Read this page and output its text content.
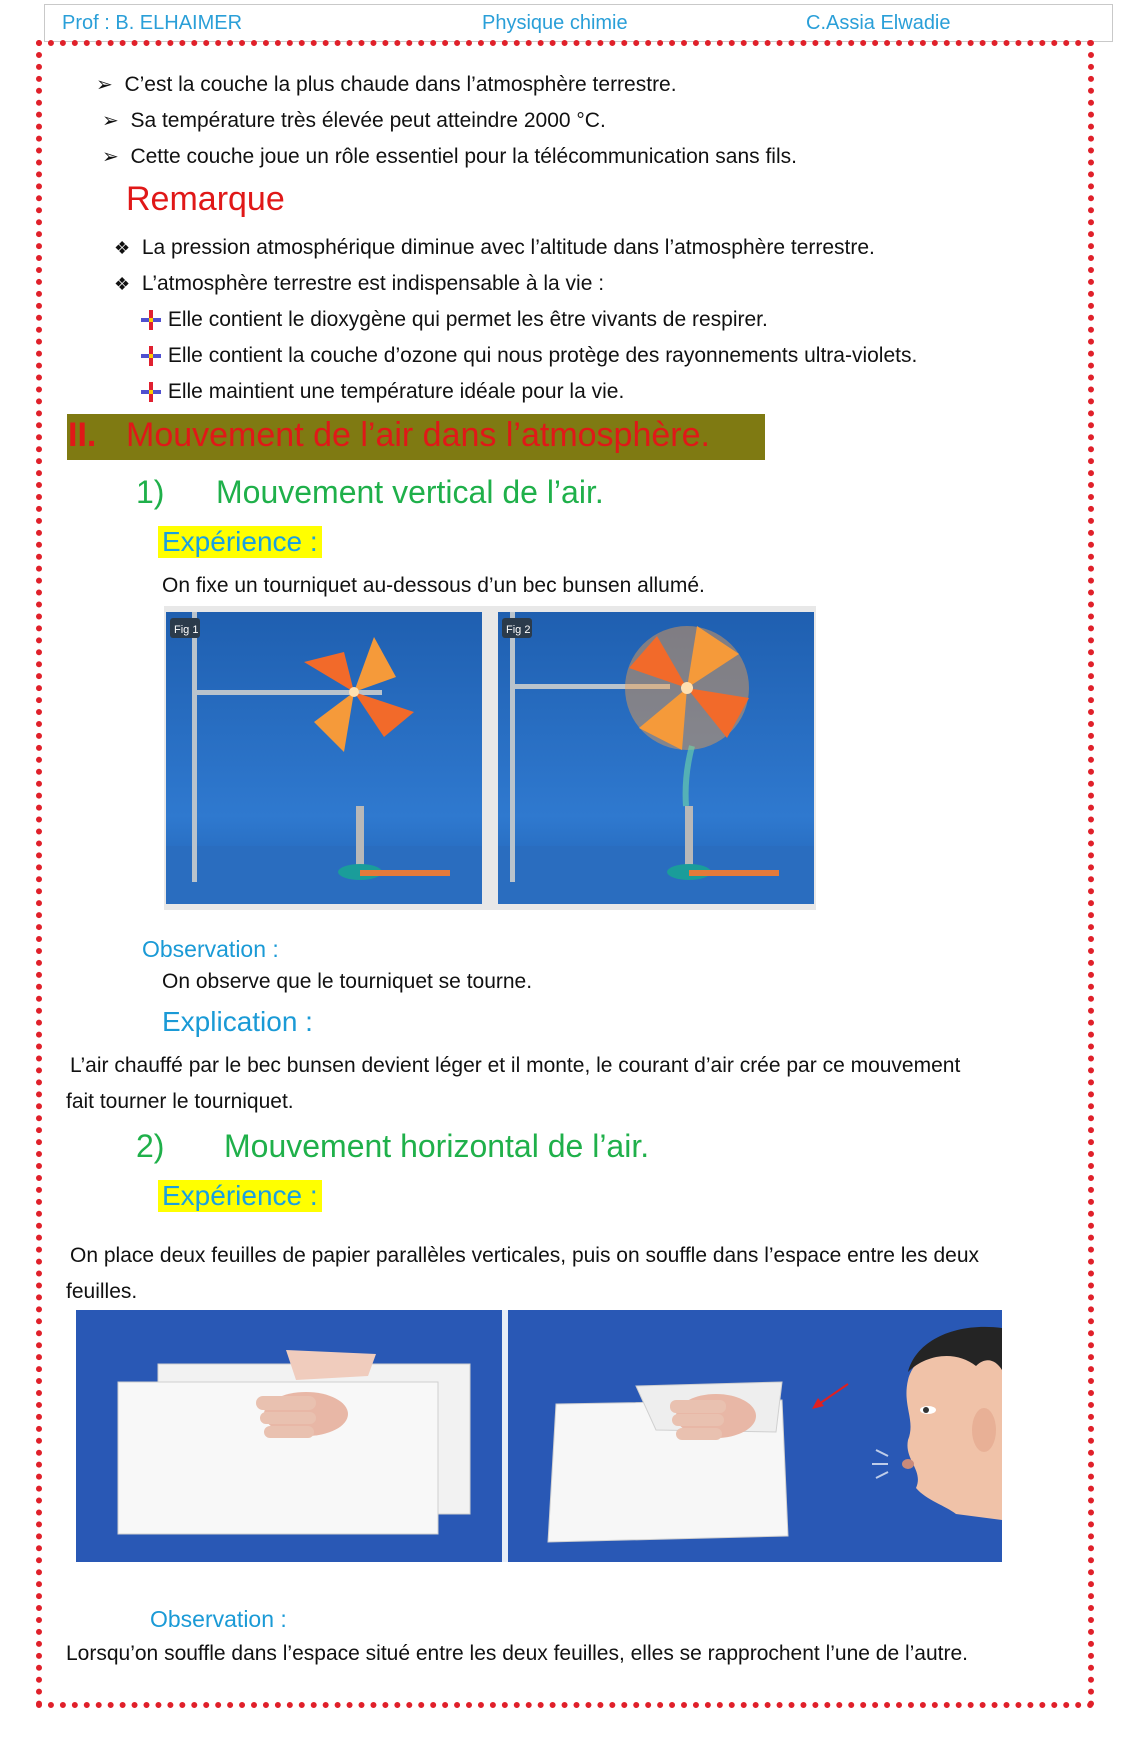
Prof : B. ELHAIMER	Physique chimie	C.Assia Elwadie
➢ C’est la couche la plus chaude dans l’atmosphère terrestre.
➢ Sa température très élevée peut atteindre 2000 °C.
➢ Cette couche joue un rôle essentiel pour la télécommunication sans fils.
Remarque
❖ La pression atmosphérique diminue avec l’altitude dans l’atmosphère terrestre.
❖ L’atmosphère terrestre est indispensable à la vie :
Elle contient le dioxygène qui permet les être vivants de respirer.
Elle contient la couche d’ozone qui nous protège des rayonnements ultra-violets.
Elle maintient une température idéale pour la vie.
II. Mouvement de l’air dans l’atmosphère.
1) Mouvement vertical de l’air.
Expérience :
On fixe un tourniquet au-dessous d’un bec bunsen allumé.
Fig 1	Fig 2
Observation :
On observe que le tourniquet se tourne.
Explication :
L’air chauffé par le bec bunsen devient léger et il monte, le courant d’air crée par ce mouvement
fait tourner le tourniquet.
2) Mouvement horizontal de l’air.
Expérience :
On place deux feuilles de papier parallèles verticales, puis on souffle dans l’espace entre les deux
feuilles.
Observation :
Lorsqu’on souffle dans l’espace situé entre les deux feuilles, elles se rapprochent l’une de l’autre.
